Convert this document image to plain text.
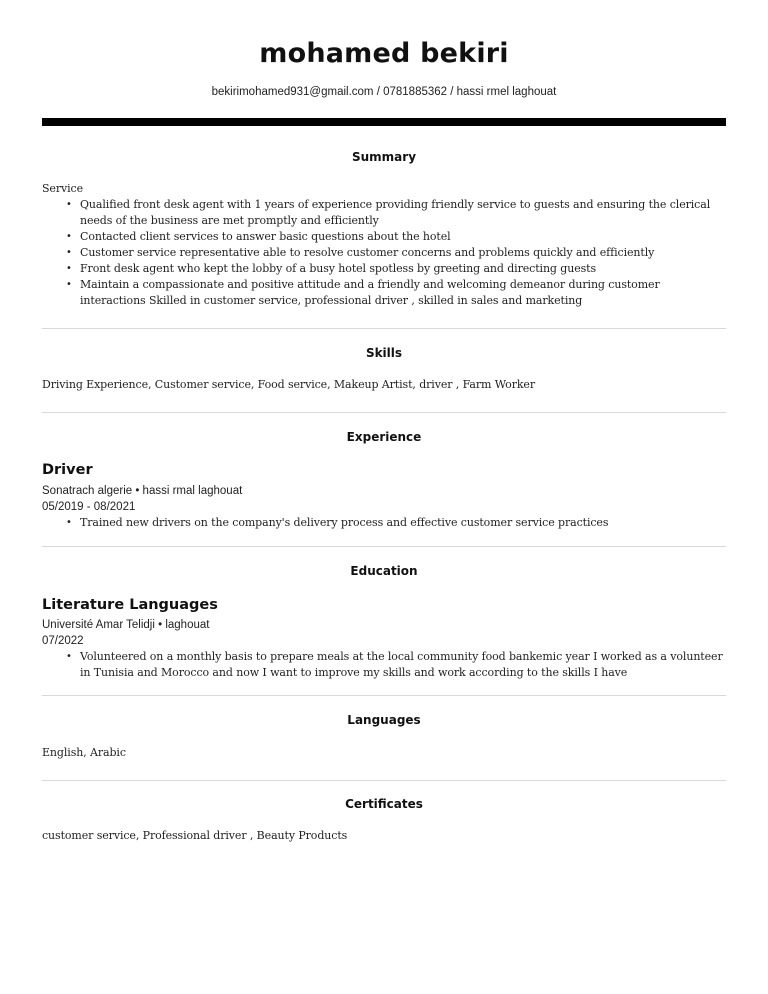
mohamed bekiri
bekirimohamed931@gmail.com / 0781885362 / hassi rmel laghouat
Summary
Service
• Qualified front desk agent with 1 years of experience providing friendly service to guests and ensuring the clerical needs of the business are met promptly and efficiently
• Contacted client services to answer basic questions about the hotel
• Customer service representative able to resolve customer concerns and problems quickly and efficiently
• Front desk agent who kept the lobby of a busy hotel spotless by greeting and directing guests
• Maintain a compassionate and positive attitude and a friendly and welcoming demeanor during customer interactions Skilled in customer service, professional driver , skilled in sales and marketing
Skills
Driving Experience, Customer service, Food service, Makeup Artist, driver , Farm Worker
Experience
Driver
Sonatrach algerie • hassi rmal laghouat
05/2019 - 08/2021
• Trained new drivers on the company's delivery process and effective customer service practices
Education
Literature Languages
Université Amar Telidji • laghouat
07/2022
• Volunteered on a monthly basis to prepare meals at the local community food bankemic year I worked as a volunteer in Tunisia and Morocco and now I want to improve my skills and work according to the skills I have
Languages
English, Arabic
Certificates
customer service, Professional driver , Beauty Products
